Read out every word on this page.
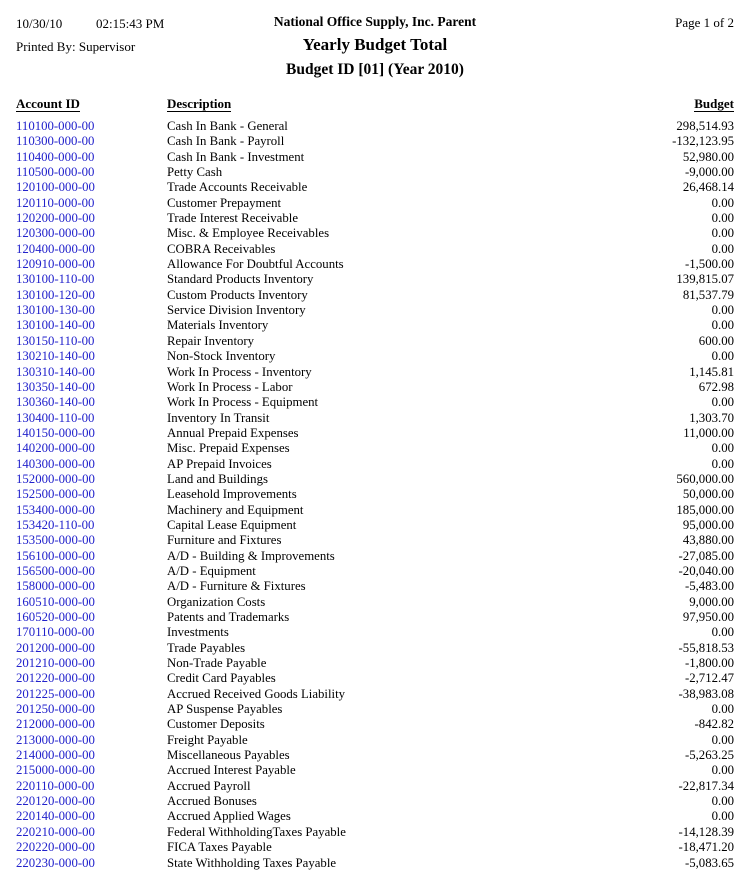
10/30/10	02:15:43 PM
Printed By: Supervisor
National Office Supply, Inc. Parent
Yearly Budget Total
Budget ID [01] (Year 2010)
Page 1 of 2
Account ID	Description	Budget
110100-000-00	Cash In Bank - General	298,514.93
110300-000-00	Cash In Bank - Payroll	-132,123.95
110400-000-00	Cash In Bank - Investment	52,980.00
110500-000-00	Petty Cash	-9,000.00
120100-000-00	Trade Accounts Receivable	26,468.14
120110-000-00	Customer Prepayment	0.00
120200-000-00	Trade Interest Receivable	0.00
120300-000-00	Misc. & Employee Receivables	0.00
120400-000-00	COBRA Receivables	0.00
120910-000-00	Allowance For Doubtful Accounts	-1,500.00
130100-110-00	Standard Products Inventory	139,815.07
130100-120-00	Custom Products Inventory	81,537.79
130100-130-00	Service Division Inventory	0.00
130100-140-00	Materials Inventory	0.00
130150-110-00	Repair Inventory	600.00
130210-140-00	Non-Stock Inventory	0.00
130310-140-00	Work In Process - Inventory	1,145.81
130350-140-00	Work In Process - Labor	672.98
130360-140-00	Work In Process - Equipment	0.00
130400-110-00	Inventory In Transit	1,303.70
140150-000-00	Annual Prepaid Expenses	11,000.00
140200-000-00	Misc. Prepaid Expenses	0.00
140300-000-00	AP Prepaid Invoices	0.00
152000-000-00	Land and Buildings	560,000.00
152500-000-00	Leasehold Improvements	50,000.00
153400-000-00	Machinery and Equipment	185,000.00
153420-110-00	Capital Lease Equipment	95,000.00
153500-000-00	Furniture and Fixtures	43,880.00
156100-000-00	A/D - Building & Improvements	-27,085.00
156500-000-00	A/D - Equipment	-20,040.00
158000-000-00	A/D - Furniture & Fixtures	-5,483.00
160510-000-00	Organization Costs	9,000.00
160520-000-00	Patents and Trademarks	97,950.00
170110-000-00	Investments	0.00
201200-000-00	Trade Payables	-55,818.53
201210-000-00	Non-Trade Payable	-1,800.00
201220-000-00	Credit Card Payables	-2,712.47
201225-000-00	Accrued Received Goods Liability	-38,983.08
201250-000-00	AP Suspense Payables	0.00
212000-000-00	Customer Deposits	-842.82
213000-000-00	Freight Payable	0.00
214000-000-00	Miscellaneous Payables	-5,263.25
215000-000-00	Accrued Interest Payable	0.00
220110-000-00	Accrued Payroll	-22,817.34
220120-000-00	Accrued Bonuses	0.00
220140-000-00	Accrued Applied Wages	0.00
220210-000-00	Federal WithholdingTaxes Payable	-14,128.39
220220-000-00	FICA Taxes Payable	-18,471.20
220230-000-00	State Withholding Taxes Payable	-5,083.65
